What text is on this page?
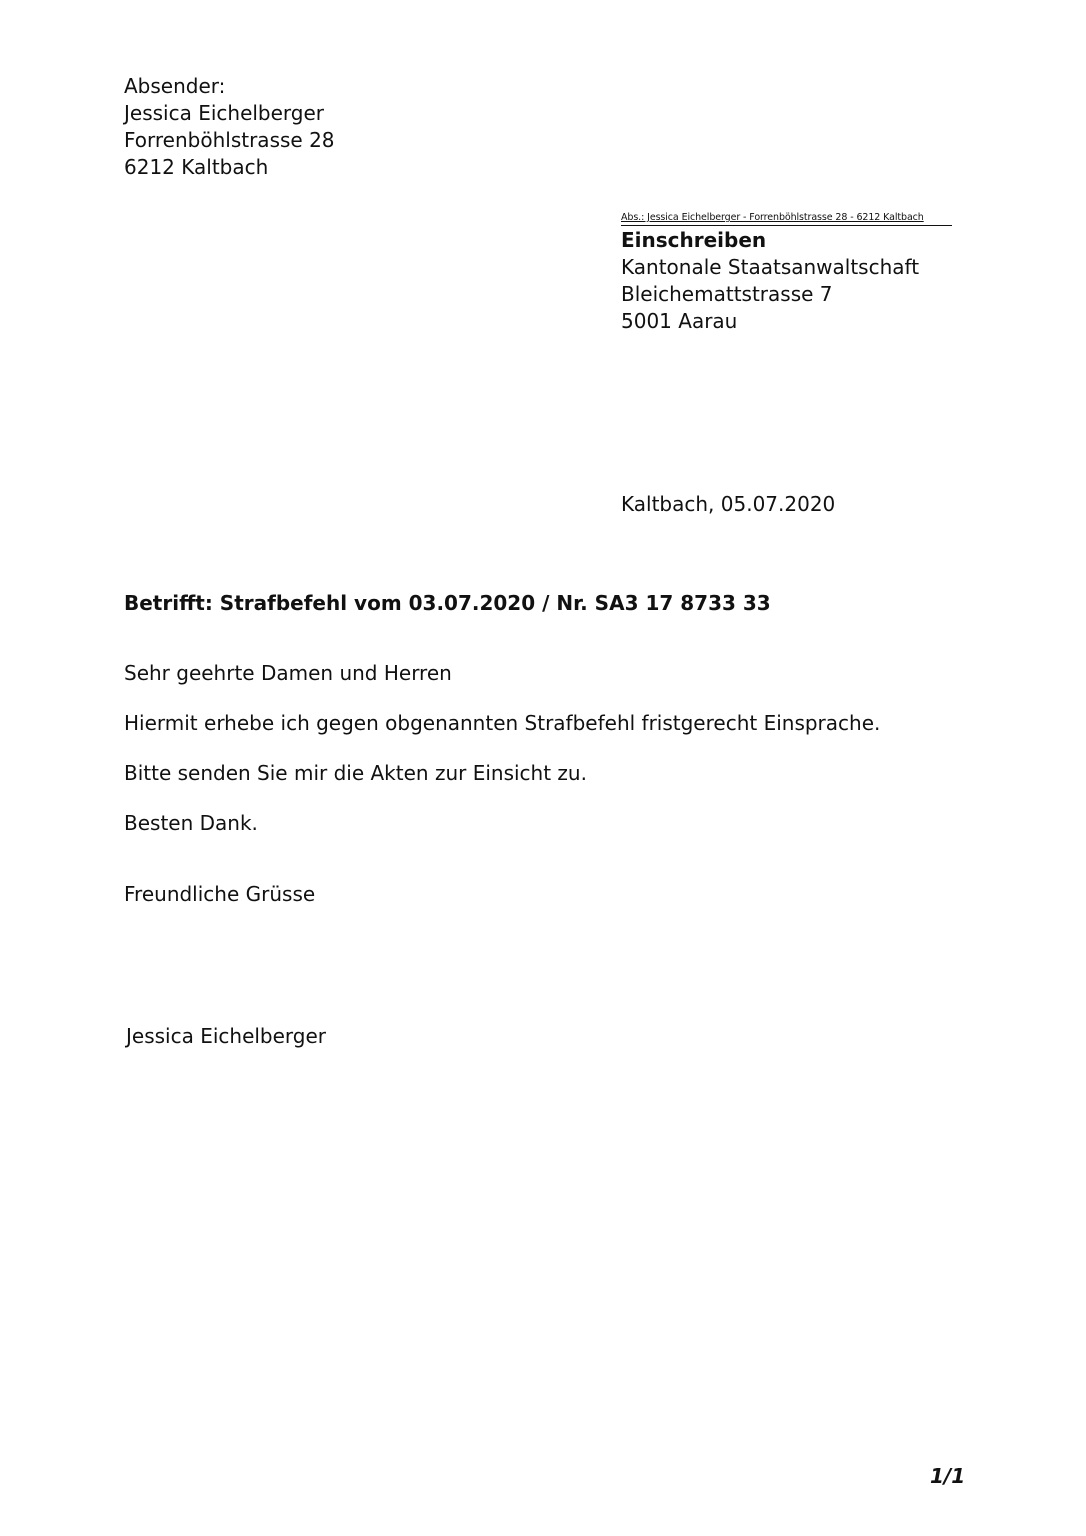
Absender:
Jessica Eichelberger
Forrenböhlstrasse 28
6212 Kaltbach
Abs.: Jessica Eichelberger - Forrenböhlstrasse 28 - 6212 Kaltbach
Einschreiben
Kantonale Staatsanwaltschaft
Bleichemattstrasse 7
5001 Aarau
Kaltbach, 05.07.2020
Betrifft: Strafbefehl vom 03.07.2020 / Nr. SA3 17 8733 33
Sehr geehrte Damen und Herren
Hiermit erhebe ich gegen obgenannten Strafbefehl fristgerecht Einsprache.
Bitte senden Sie mir die Akten zur Einsicht zu.
Besten Dank.
Freundliche Grüsse
Jessica Eichelberger
1/1
